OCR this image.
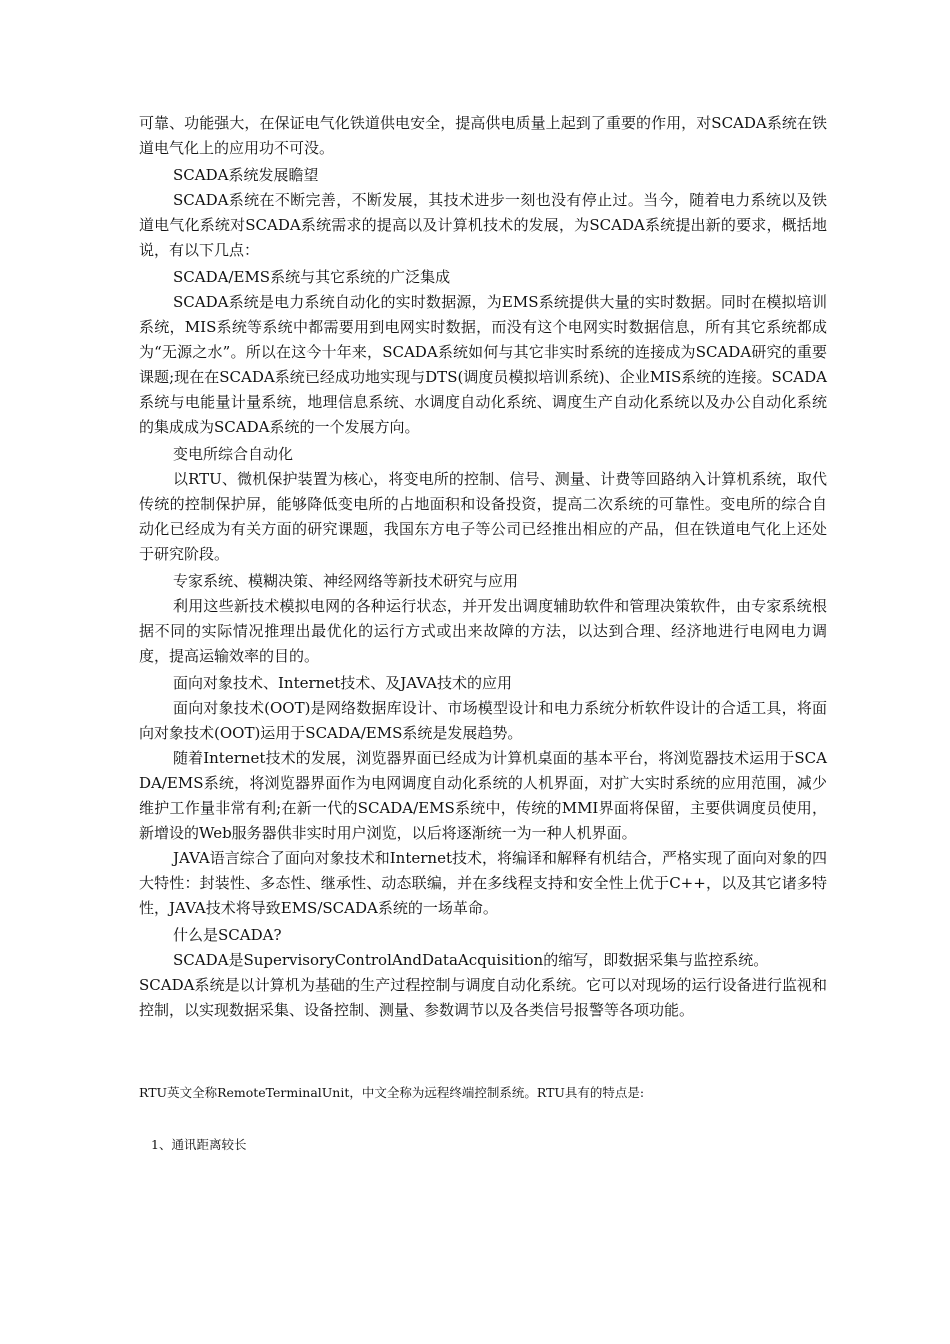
可靠、功能强大，在保证电气化铁道供电安全，提高供电质量上起到了重要的作用，对SCADA系统在铁道电气化上的应用功不可没。

SCADA系统发展瞻望

SCADA系统在不断完善，不断发展，其技术进步一刻也没有停止过。当今，随着电力系统以及铁道电气化系统对SCADA系统需求的提高以及计算机技术的发展，为SCADA系统提出新的要求，概括地说，有以下几点：

SCADA/EMS系统与其它系统的广泛集成

SCADA系统是电力系统自动化的实时数据源，为EMS系统提供大量的实时数据。同时在模拟培训系统，MIS系统等系统中都需要用到电网实时数据，而没有这个电网实时数据信息，所有其它系统都成为“无源之水”。所以在这今十年来，SCADA系统如何与其它非实时系统的连接成为SCADA研究的重要课题;现在在SCADA系统已经成功地实现与DTS(调度员模拟培训系统)、企业MIS系统的连接。SCADA系统与电能量计量系统，地理信息系统、水调度自动化系统、调度生产自动化系统以及办公自动化系统的集成成为SCADA系统的一个发展方向。

变电所综合自动化

以RTU、微机保护装置为核心，将变电所的控制、信号、测量、计费等回路纳入计算机系统，取代传统的控制保护屏，能够降低变电所的占地面积和设备投资，提高二次系统的可靠性。变电所的综合自动化已经成为有关方面的研究课题，我国东方电子等公司已经推出相应的产品，但在铁道电气化上还处于研究阶段。

专家系统、模糊决策、神经网络等新技术研究与应用

利用这些新技术模拟电网的各种运行状态，并开发出调度辅助软件和管理决策软件，由专家系统根据不同的实际情况推理出最优化的运行方式或出来故障的方法，以达到合理、经济地进行电网电力调度，提高运输效率的目的。

面向对象技术、Internet技术、及JAVA技术的应用

面向对象技术(OOT)是网络数据库设计、市场模型设计和电力系统分析软件设计的合适工具，将面向对象技术(OOT)运用于SCADA/EMS系统是发展趋势。

随着Internet技术的发展，浏览器界面已经成为计算机桌面的基本平台，将浏览器技术运用于SCADA/EMS系统，将浏览器界面作为电网调度自动化系统的人机界面，对扩大实时系统的应用范围，减少维护工作量非常有利;在新一代的SCADA/EMS系统中，传统的MMI界面将保留，主要供调度员使用，新增设的Web服务器供非实时用户浏览，以后将逐渐统一为一种人机界面。

JAVA语言综合了面向对象技术和Internet技术，将编译和解释有机结合，严格实现了面向对象的四大特性：封装性、多态性、继承性、动态联编，并在多线程支持和安全性上优于C++，以及其它诸多特性，JAVA技术将导致EMS/SCADA系统的一场革命。

什么是SCADA?

SCADA是SupervisoryControlAndDataAcquisition的缩写，即数据采集与监控系统。

SCADA系统是以计算机为基础的生产过程控制与调度自动化系统。它可以对现场的运行设备进行监视和控制，以实现数据采集、设备控制、测量、参数调节以及各类信号报警等各项功能。

RTU英文全称RemoteTerminalUnit，中文全称为远程终端控制系统。RTU具有的特点是:

1、通讯距离较长
